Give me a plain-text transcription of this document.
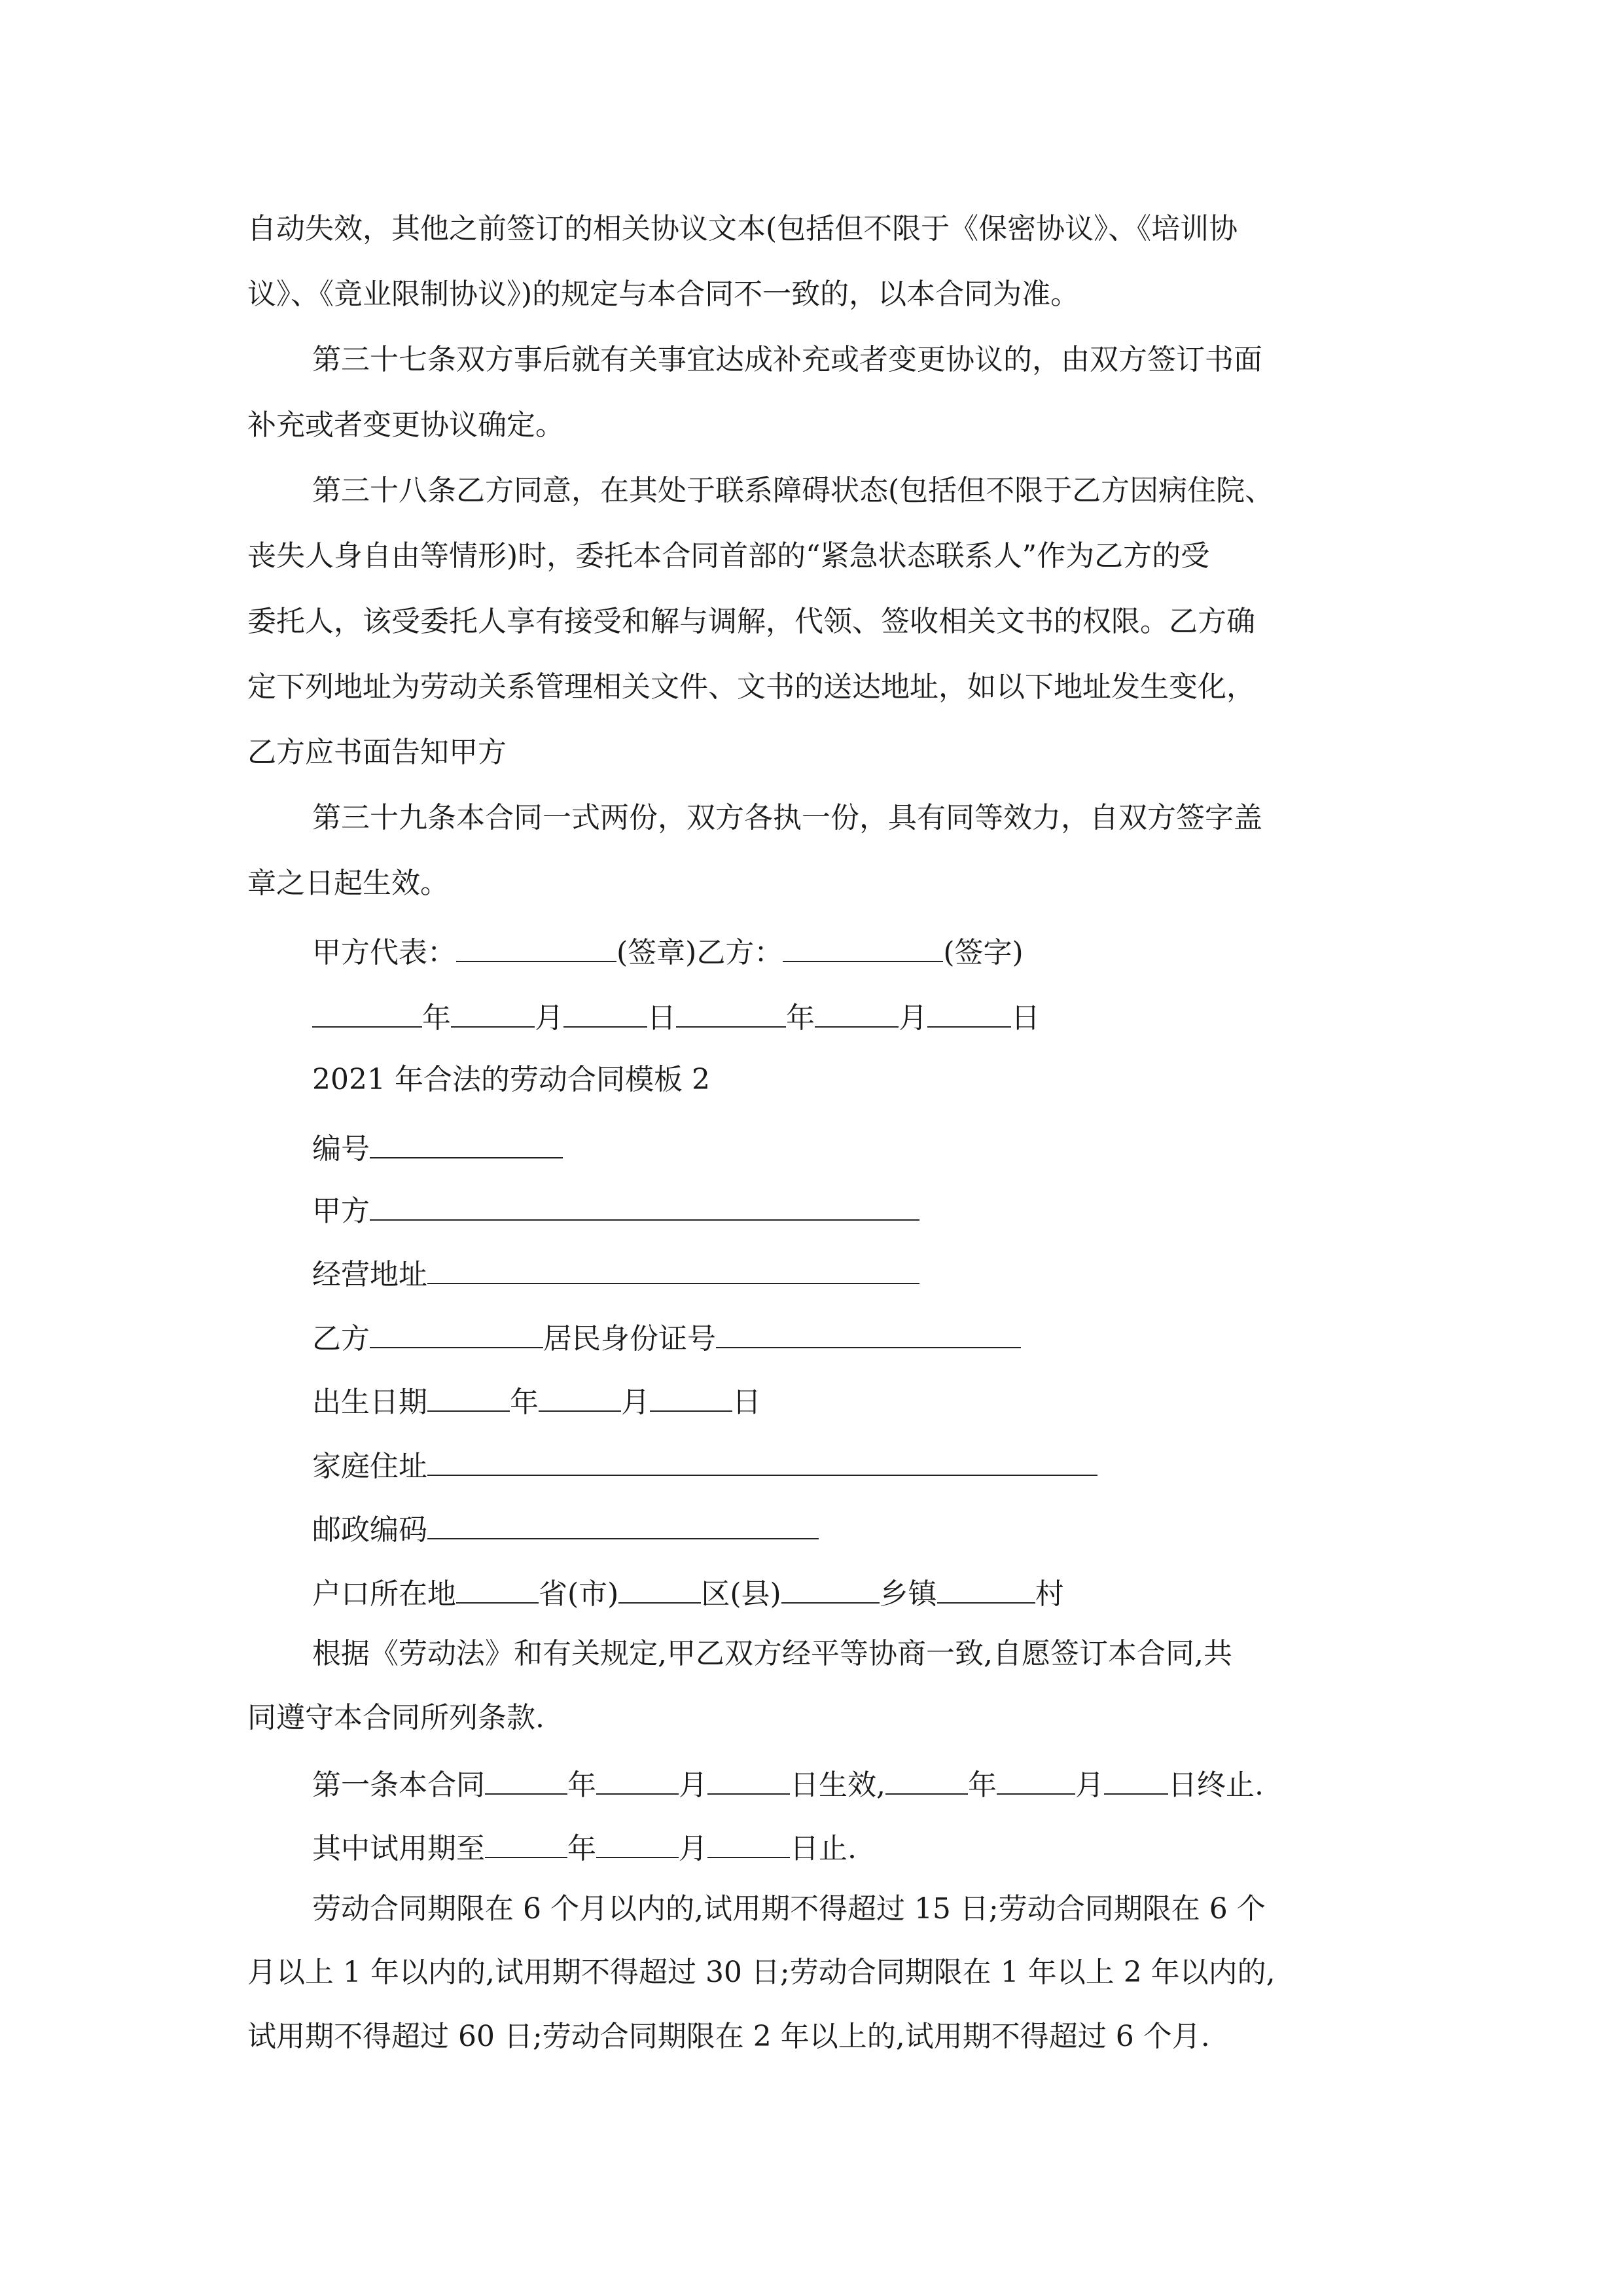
自动失效，其他之前签订的相关协议文本(包括但不限于《保密协议》、《培训协
议》、《竟业限制协议》)的规定与本合同不一致的，以本合同为准。
第三十七条双方事后就有关事宜达成补充或者变更协议的，由双方签订书面
补充或者变更协议确定。
第三十八条乙方同意，在其处于联系障碍状态(包括但不限于乙方因病住院、
丧失人身自由等情形)时，委托本合同首部的“紧急状态联系人”作为乙方的受
委托人，该受委托人享有接受和解与调解，代领、签收相关文书的权限。乙方确
定下列地址为劳动关系管理相关文件、文书的送达地址，如以下地址发生变化，
乙方应书面告知甲方
第三十九条本合同一式两份，双方各执一份，具有同等效力，自双方签字盖
章之日起生效。
甲方代表：	(签章)乙方：	(签字)
年	月	日	年	月	日
2021 年合法的劳动合同模板 2
编号
甲方
经营地址
乙方	居民身份证号
出生日期	年	月	日
家庭住址
邮政编码
户口所在地	省(市)	区(县)	乡镇	村
根据《劳动法》和有关规定,甲乙双方经平等协商一致,自愿签订本合同,共
同遵守本合同所列条款.
第一条本合同	年	月	日生效,	年	月 日终止.
其中试用期至	年	月	日止.
劳动合同期限在 6 个月以内的,试用期不得超过 15 日;劳动合同期限在 6 个
月以上 1 年以内的,试用期不得超过 30 日;劳动合同期限在 1 年以上 2 年以内的,
试用期不得超过 60 日;劳动合同期限在 2 年以上的,试用期不得超过 6 个月.
